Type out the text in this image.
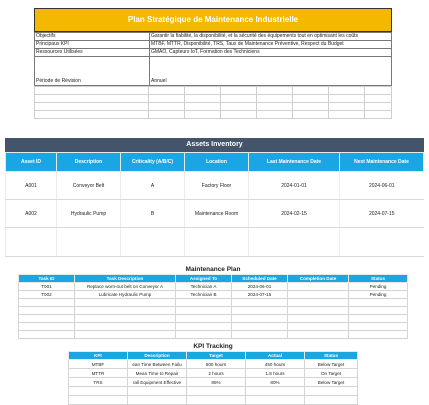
Plan Stratégique de Maintenance Industrielle
Objectifs	Garantir la fiabilité, la disponibilité, et la sécurité des équipements tout en optimisant les coûts
Principaux KPI	MTBF, MTTR, Disponibilité, TRS, Taux de Maintenance Préventive, Respect du Budget
Ressources Utilisées	GMAO, Capteurs IoT, Formation des Techniciens
Période de Révision	Annuel

Assets Inventory
Asset ID	Description	Criticality (A/B/C)	Location	Last Maintenance Date	Next Maintenance Date
A001	Conveyor Belt	A	Factory Floor	2024-01-01	2024-06-01
A002	Hydraulic Pump	B	Maintenance Room	2024-02-15	2024-07-15

Maintenance Plan
Task ID	Task Description	Assigned To	Scheduled Date	Completion Date	Status
T001	Replace worn-out belt on Conveyor A	Technician A	2024-06-01		Pending
T002	Lubricate Hydraulic Pump	Technician B	2024-07-15		Pending

KPI Tracking
KPI	Description	Target	Actual	Status
MTBF	ean Time Between Failu	500 hours	450 hours	Below Target
MTTR	Mean Time to Repair	2 hours	1.8 hours	On Target
TRS	rall Equipment Effective	85%	80%	Below Target
